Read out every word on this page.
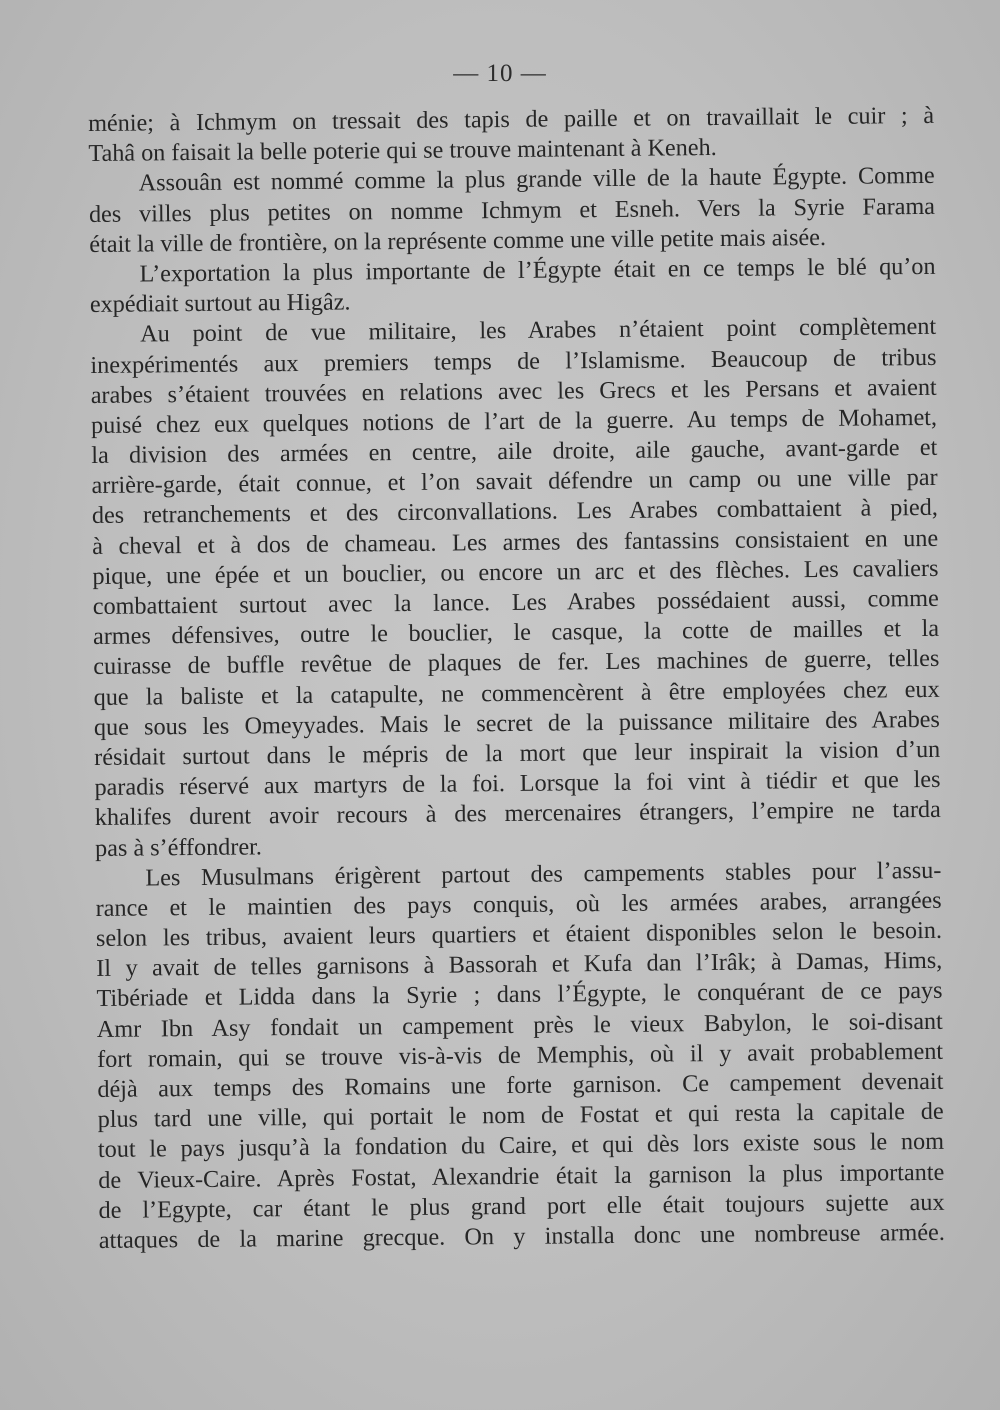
— 10 —
ménie; à Ichmym on tressait des tapis de paille et on travaillait le cuir ; à
Tahâ on faisait la belle poterie qui se trouve maintenant à Keneh.
Assouân est nommé comme la plus grande ville de la haute Égypte. Comme
des villes plus petites on nomme Ichmym et Esneh. Vers la Syrie Farama
était la ville de frontière, on la représente comme une ville petite mais aisée.
L’exportation la plus importante de l’Égypte était en ce temps le blé qu’on
expédiait surtout au Higâz.
Au point de vue militaire, les Arabes n’étaient point complètement
inexpérimentés aux premiers temps de l’Islamisme. Beaucoup de tribus
arabes s’étaient trouvées en relations avec les Grecs et les Persans et avaient
puisé chez eux quelques notions de l’art de la guerre. Au temps de Mohamet,
la division des armées en centre, aile droite, aile gauche, avant-garde et
arrière-garde, était connue, et l’on savait défendre un camp ou une ville par
des retranchements et des circonvallations. Les Arabes combattaient à pied,
à cheval et à dos de chameau. Les armes des fantassins consistaient en une
pique, une épée et un bouclier, ou encore un arc et des flèches. Les cavaliers
combattaient surtout avec la lance. Les Arabes possédaient aussi, comme
armes défensives, outre le bouclier, le casque, la cotte de mailles et la
cuirasse de buffle revêtue de plaques de fer. Les machines de guerre, telles
que la baliste et la catapulte, ne commencèrent à être employées chez eux
que sous les Omeyyades. Mais le secret de la puissance militaire des Arabes
résidait surtout dans le mépris de la mort que leur inspirait la vision d’un
paradis réservé aux martyrs de la foi. Lorsque la foi vint à tiédir et que les
khalifes durent avoir recours à des mercenaires étrangers, l’empire ne tarda
pas à s’éffondrer.
Les Musulmans érigèrent partout des campements stables pour l’assu-
rance et le maintien des pays conquis, où les armées arabes, arrangées
selon les tribus, avaient leurs quartiers et étaient disponibles selon le besoin.
Il y avait de telles garnisons à Bassorah et Kufa dan l’Irâk; à Damas, Hims,
Tibériade et Lidda dans la Syrie ; dans l’Égypte, le conquérant de ce pays
Amr Ibn Asy fondait un campement près le vieux Babylon, le soi-disant
fort romain, qui se trouve vis-à-vis de Memphis, où il y avait probablement
déjà aux temps des Romains une forte garnison. Ce campement devenait
plus tard une ville, qui portait le nom de Fostat et qui resta la capitale de
tout le pays jusqu’à la fondation du Caire, et qui dès lors existe sous le nom
de Vieux-Caire. Après Fostat, Alexandrie était la garnison la plus importante
de l’Egypte, car étant le plus grand port elle était toujours sujette aux
attaques de la marine grecque. On y installa donc une nombreuse armée.
